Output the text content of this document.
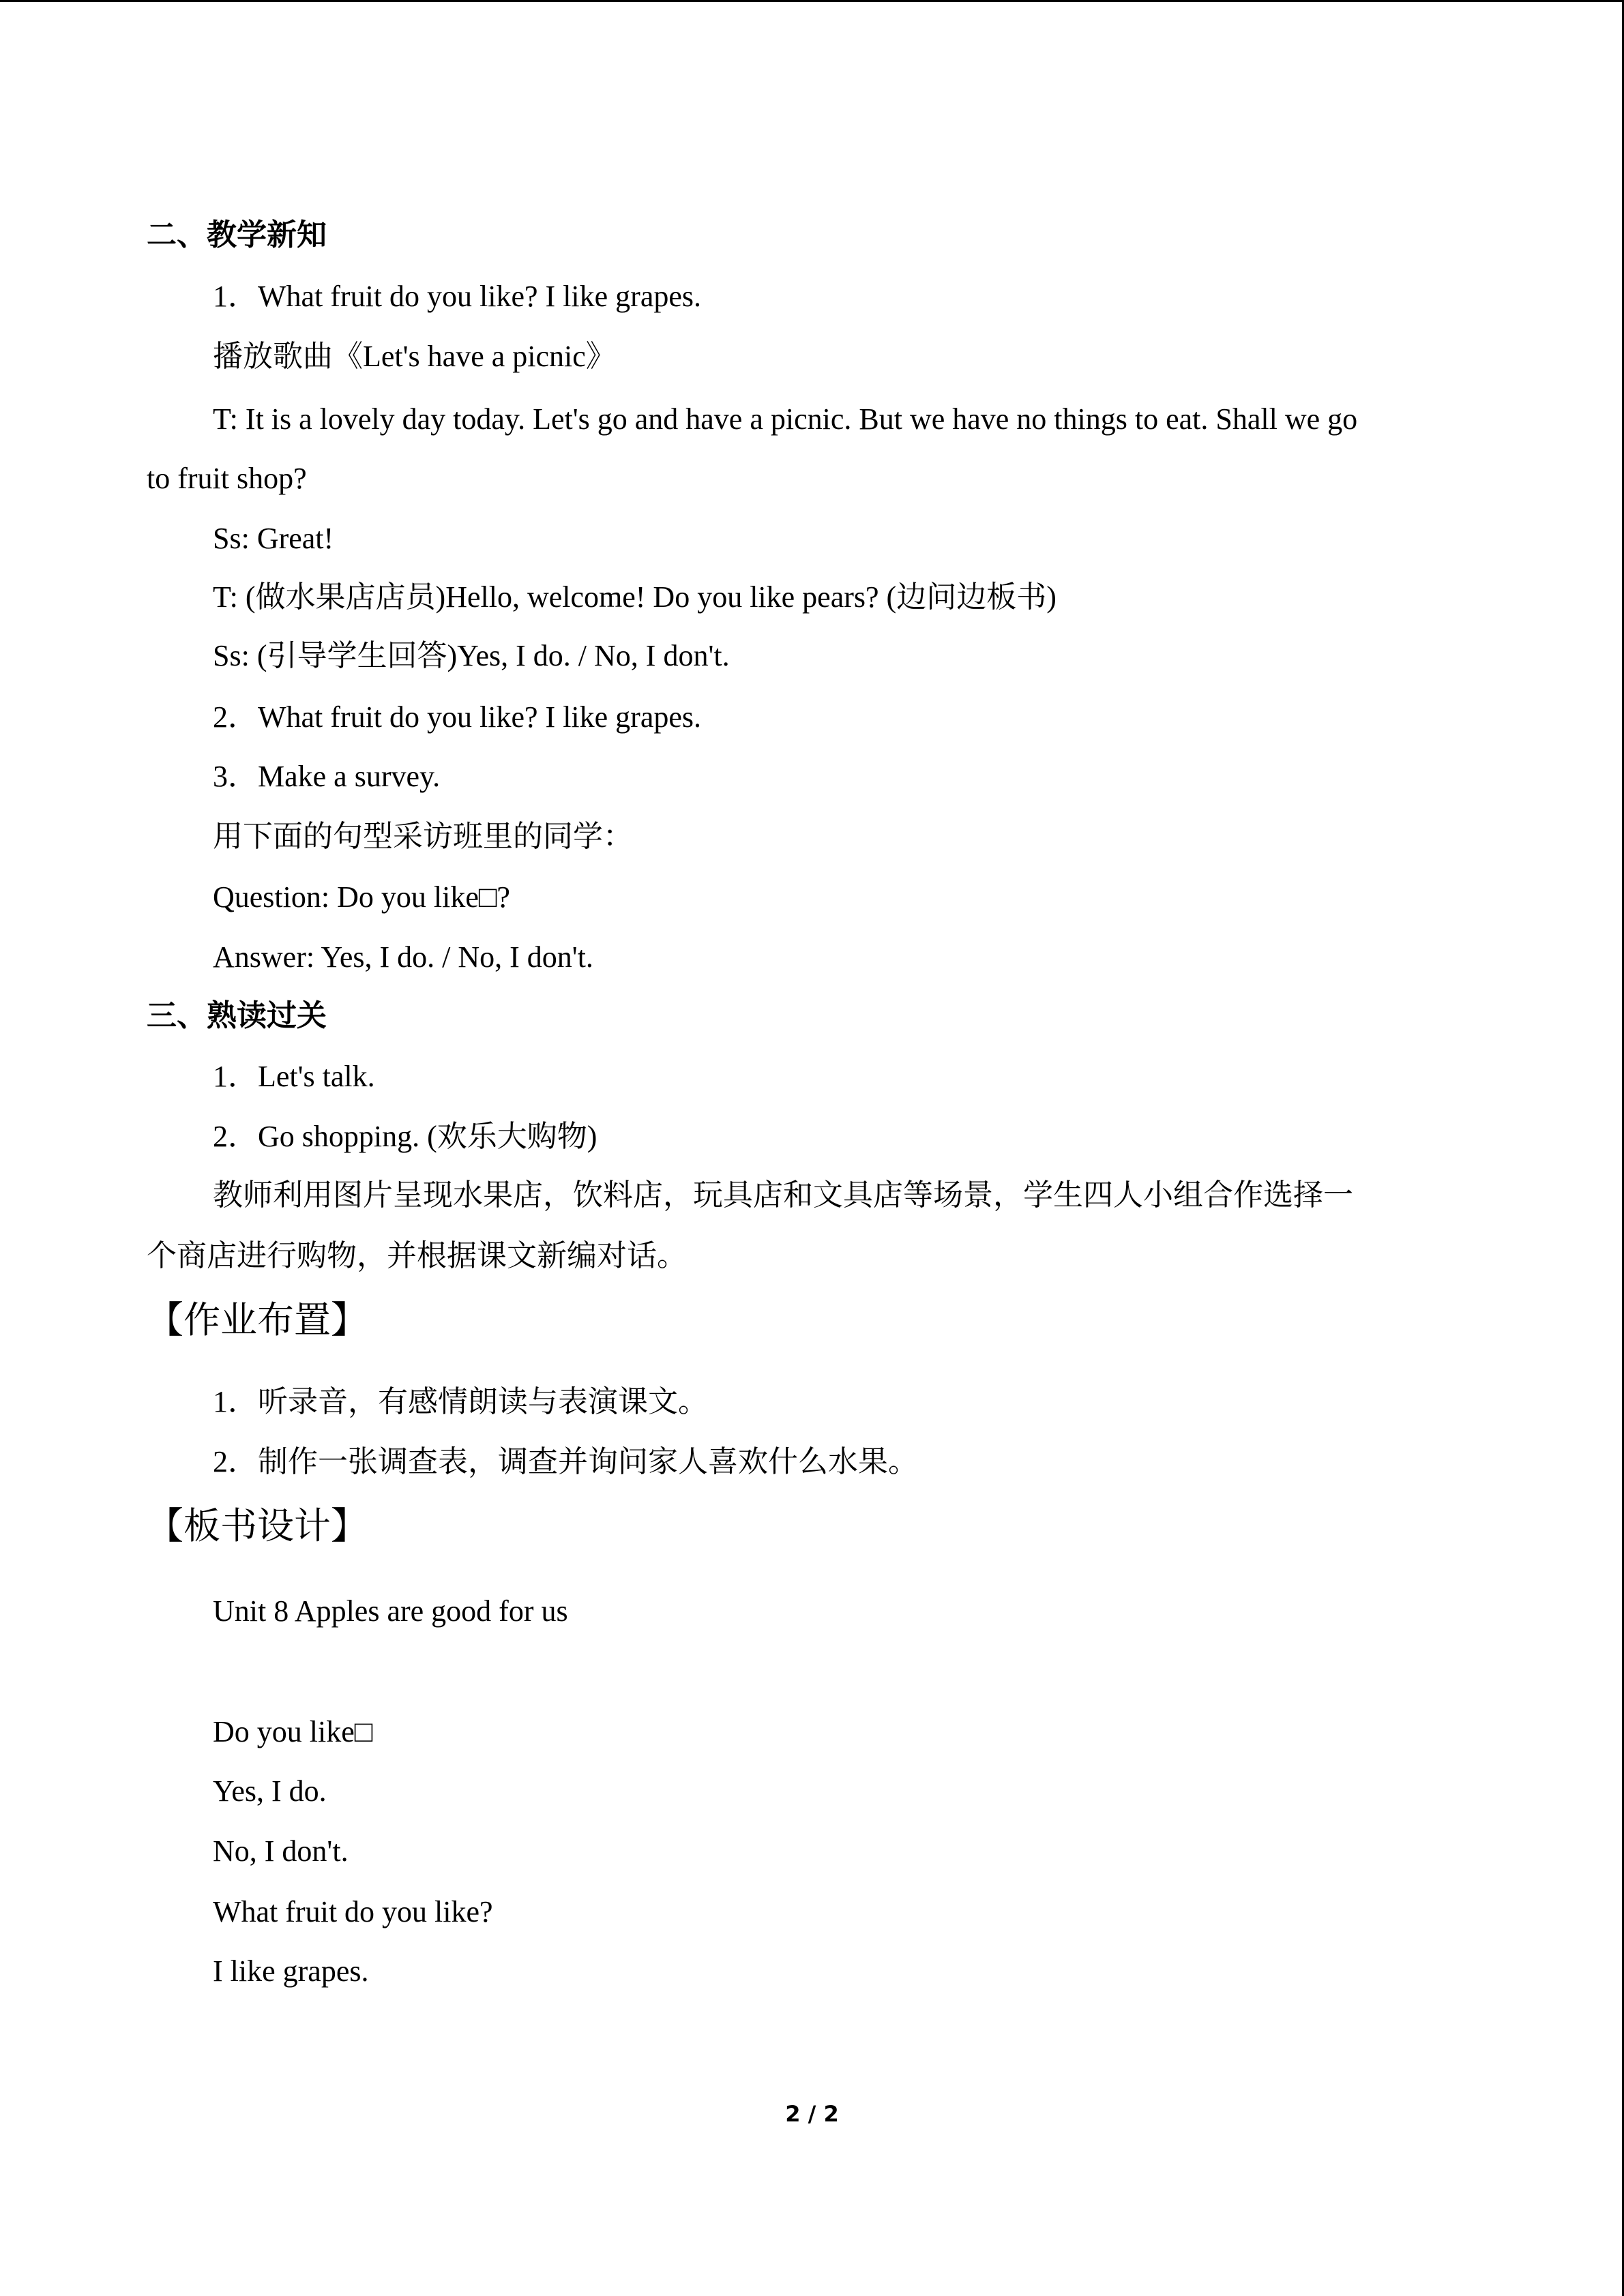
二、教学新知
1．What fruit do you like? I like grapes.
播放歌曲《Let's have a picnic》
T: It is a lovely day today. Let's go and have a picnic. But we have no things to eat. Shall we go
to fruit shop?
Ss: Great!
T: (做水果店店员)Hello, welcome! Do you like pears? (边问边板书)
Ss: (引导学生回答)Yes, I do. / No, I don't.
2．What fruit do you like? I like grapes.
3．Make a survey.
用下面的句型采访班里的同学：
Question: Do you like□?
Answer: Yes, I do. / No, I don't.
三、熟读过关
1．Let's talk.
2．Go shopping. (欢乐大购物)
教师利用图片呈现水果店，饮料店，玩具店和文具店等场景，学生四人小组合作选择一
个商店进行购物，并根据课文新编对话。
【作业布置】
1．听录音，有感情朗读与表演课文。
2．制作一张调查表，调查并询问家人喜欢什么水果。
【板书设计】
Unit 8 Apples are good for us
Do you like□
Yes, I do.
No, I don't.
What fruit do you like?
I like grapes.
2 / 2
